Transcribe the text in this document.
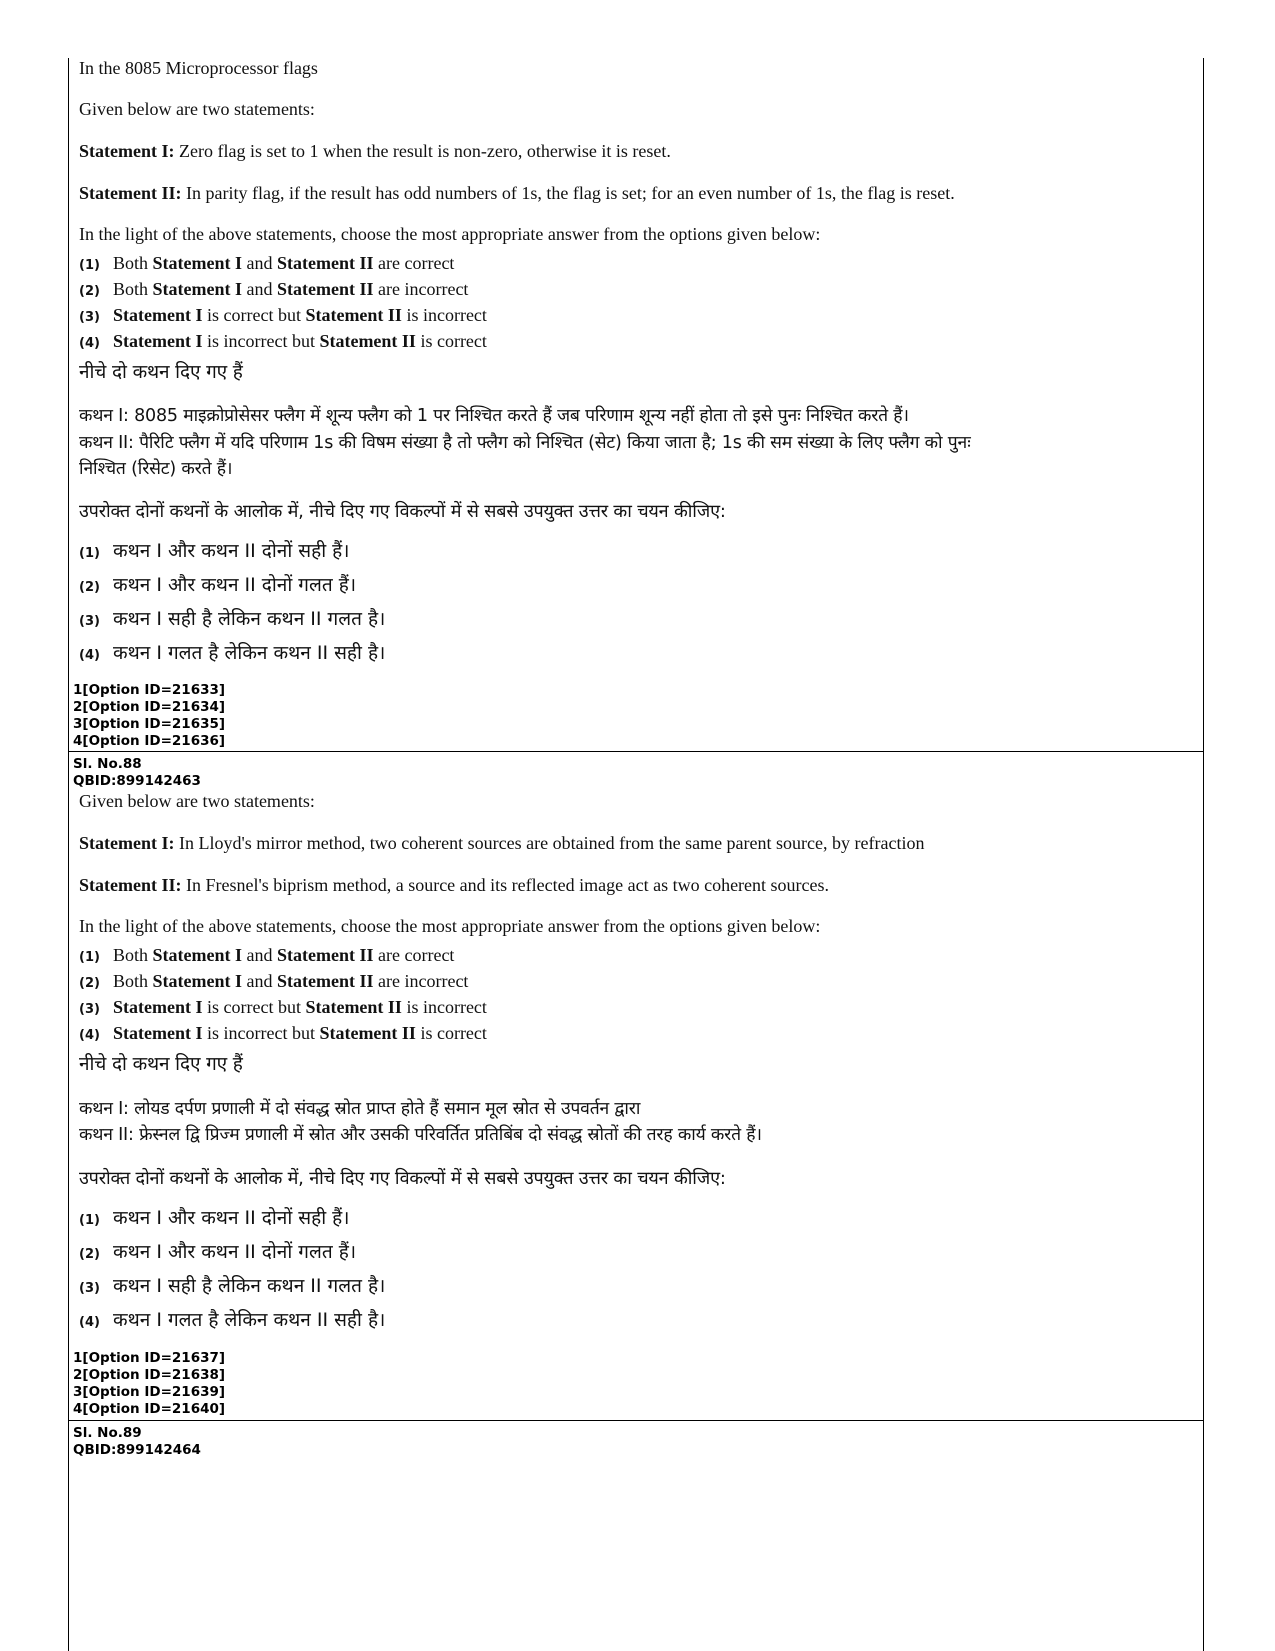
In the 8085 Microprocessor flags
Given below are two statements:
Statement I: Zero flag is set to 1 when the result is non-zero, otherwise it is reset.
Statement II: In parity flag, if the result has odd numbers of 1s, the flag is set; for an even number of 1s, the flag is reset.
In the light of the above statements, choose the most appropriate answer from the options given below:
(1) Both Statement I and Statement II are correct
(2) Both Statement I and Statement II are incorrect
(3) Statement I is correct but Statement II is incorrect
(4) Statement I is incorrect but Statement II is correct
नीचे दो कथन दिए गए हैं
कथन I: 8085 माइक्रोप्रोसेसर फ्लैग में शून्य फ्लैग को 1 पर निश्चित करते हैं जब परिणाम शून्य नहीं होता तो इसे पुनः निश्चित करते हैं।
कथन II: पैरिटि फ्लैग में यदि परिणाम 1s की विषम संख्या है तो फ्लैग को निश्चित (सेट) किया जाता है; 1s की सम संख्या के लिए फ्लैग को पुनः
निश्चित (रिसेट) करते हैं।
उपरोक्त दोनों कथनों के आलोक में, नीचे दिए गए विकल्पों में से सबसे उपयुक्त उत्तर का चयन कीजिए:
(1) कथन I और कथन II दोनों सही हैं।
(2) कथन I और कथन II दोनों गलत हैं।
(3) कथन I सही है लेकिन कथन II गलत है।
(4) कथन I गलत है लेकिन कथन II सही है।
1[Option ID=21633]
2[Option ID=21634]
3[Option ID=21635]
4[Option ID=21636]
Sl. No.88
QBID:899142463
Given below are two statements:
Statement I: In Lloyd's mirror method, two coherent sources are obtained from the same parent source, by refraction
Statement II: In Fresnel's biprism method, a source and its reflected image act as two coherent sources.
In the light of the above statements, choose the most appropriate answer from the options given below:
(1) Both Statement I and Statement II are correct
(2) Both Statement I and Statement II are incorrect
(3) Statement I is correct but Statement II is incorrect
(4) Statement I is incorrect but Statement II is correct
नीचे दो कथन दिए गए हैं
कथन I: लोयड दर्पण प्रणाली में दो संवद्ध स्रोत प्राप्त होते हैं समान मूल स्रोत से उपवर्तन द्वारा
कथन II: फ्रेस्नल द्वि प्रिज्म प्रणाली में स्रोत और उसकी परिवर्तित प्रतिबिंब दो संवद्ध स्रोतों की तरह कार्य करते हैं।
उपरोक्त दोनों कथनों के आलोक में, नीचे दिए गए विकल्पों में से सबसे उपयुक्त उत्तर का चयन कीजिए:
(1) कथन I और कथन II दोनों सही हैं।
(2) कथन I और कथन II दोनों गलत हैं।
(3) कथन I सही है लेकिन कथन II गलत है।
(4) कथन I गलत है लेकिन कथन II सही है।
1[Option ID=21637]
2[Option ID=21638]
3[Option ID=21639]
4[Option ID=21640]
Sl. No.89
QBID:899142464
